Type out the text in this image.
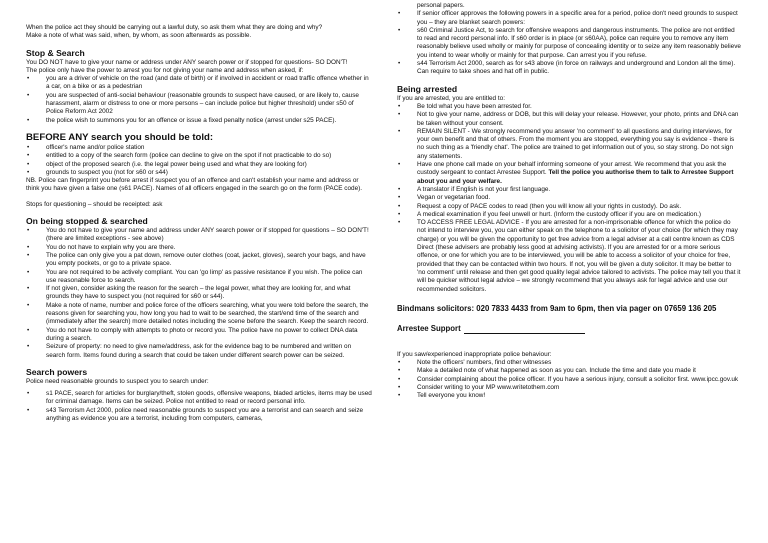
When the police act they should be carrying out a lawful duty, so ask them what they are doing and why?

Make a note of what was said, when, by whom, as soon afterwards as possible.

Stop & Search

You DO NOT have to give your name or address under ANY search power or if stopped for questions- SO DON'T!

The police only have the power to arrest you for not giving your name and address when asked, if:

• you are a driver of vehicle on the road (and date of birth) or if involved in accident or road traffic offence whether in a car, on a bike or as a pedestrian
• you are suspected of anti-social behaviour (reasonable grounds to suspect have caused, or are likely to, cause harassment, alarm or distress to one or more persons – can include police but higher threshold) under s50 of Police Reform Act 2002
• the police wish to summons you for an offence or issue a fixed penalty notice (arrest under s25 PACE).
BEFORE ANY search you should be told:
• officer's name and/or police station
• entitled to a copy of the search form (police can decline to give on the spot if not practicable to do so)
• object of the proposed search (i.e. the legal power being used and what they are looking for)
• grounds to suspect you (not for s60 or s44)

NB. Police can fingerprint you before arrest if suspect you of an offence and can't establish your name and address or think you have given a false one (s61 PACE). Names of all officers engaged in the search go on the form (PACE code).

Stops for questioning – should be receipted: ask

On being stopped & searched
• You do not have to give your name and address under ANY search power or if stopped for questions – SO DON'T! (there are limited exceptions - see above)
• You do not have to explain why you are there.
• The police can only give you a pat down, remove outer clothes (coat, jacket, gloves), search your bags, and have you empty pockets, or go to a private space.
• You are not required to be actively compliant. You can 'go limp' as passive resistance if you wish. The police can use reasonable force to search.
• If not given, consider asking the reason for the search – the legal power, what they are looking for, and what grounds they have to suspect you (not required for s60 or s44).
• Make a note of name, number and police force of the officers searching, what you were told before the search, the reasons given for searching you, how long you had to wait to be searched, the start/end time of the search and (immediately after the search) more detailed notes including the scene before the search. Keep the search record.
• You do not have to comply with attempts to photo or record you. The police have no power to collect DNA data during a search.
• Seizure of property: no need to give name/address, ask for the evidence bag to be numbered and written on search form. Items found during a search that could be taken under different search power can be seized.
Search powers

Police need reasonable grounds to suspect you to search under:

• s1 PACE, search for articles for burglary/theft, stolen goods, offensive weapons, bladed articles, items may be used for criminal damage. Items can be seized. Police not entitled to read or record personal info.
• s43 Terrorism Act 2000, police need reasonable grounds to suspect you are a terrorist and can search and seize anything as evidence you are a terrorist, including from computers, cameras,

personal papers.

• If senior officer approves the following powers in a specific area for a period, police don't need grounds to suspect you – they are blanket search powers:
• s60 Criminal Justice Act, to search for offensive weapons and dangerous instruments. The police are not entitled to read and record personal info. If s60 order is in place (or s60AA), police can require you to remove any item reasonably believe used wholly or mainly for purpose of concealing identity or to seize any item reasonably believe you intend to wear wholly or mainly for that purpose. Can arrest you if you refuse.
• s44 Terrorism Act 2000, search as for s43 above (in force on railways and underground and London all the time). Can require to take shoes and hat off in public.
Being arrested

If you are arrested, you are entitled to:

• Be told what you have been arrested for.
• Not to give your name, address or DOB, but this will delay your release. However, your photo, prints and DNA can be taken without your consent.
• REMAIN SILENT - We strongly recommend you answer 'no comment' to all questions and during interviews, for your own benefit and that of others. From the moment you are stopped, everything you say is evidence - there is no such thing as a 'friendly chat'. The police are trained to get information out of you, so stay strong. Do not sign any statements.
• Have one phone call made on your behalf informing someone of your arrest. We recommend that you ask the custody sergeant to contact Arrestee Support. Tell the police you authorise them to talk to Arrestee Support about you and your welfare.
• A translator if English is not your first language.
• Vegan or vegetarian food.
• Request a copy of PACE codes to read (then you will know all your rights in custody). Do ask.
• A medical examination if you feel unwell or hurt. (Inform the custody officer if you are on medication.)
• TO ACCESS FREE LEGAL ADVICE - If you are arrested for a non-imprisonable offence for which the police do not intend to interview you, you can either speak on the telephone to a solicitor of your choice (for which they may charge) or you will be given the opportunity to get free advice from a legal adviser at a call centre known as CDS Direct (these advisers are probably less good at advising activists). If you are arrested for or a more serious offence, or one for which you are to be interviewed, you will be able to access a solicitor of your choice for free, provided that they can be contacted within two hours. If not, you will be given a duty solicitor. It may be better to 'no comment' until release and then get good quality legal advice tailored to activists. The police may tell you that it will be quicker without legal advice – we strongly recommend that you always ask for legal advice and use our recommended solicitors.

Bindmans solicitors: 020 7833 4433 from 9am to 6pm, then via pager on 07659 136 205

Arrestee Support

If you saw/experienced inappropriate police behaviour:

• Note the officers' numbers, find other witnesses
• Make a detailed note of what happened as soon as you can. Include the time and date you made it
• Consider complaining about the police officer. If you have a serious injury, consult a solicitor first. www.ipcc.gov.uk
• Consider writing to your MP www.writetothem.com
• Tell everyone you know!
